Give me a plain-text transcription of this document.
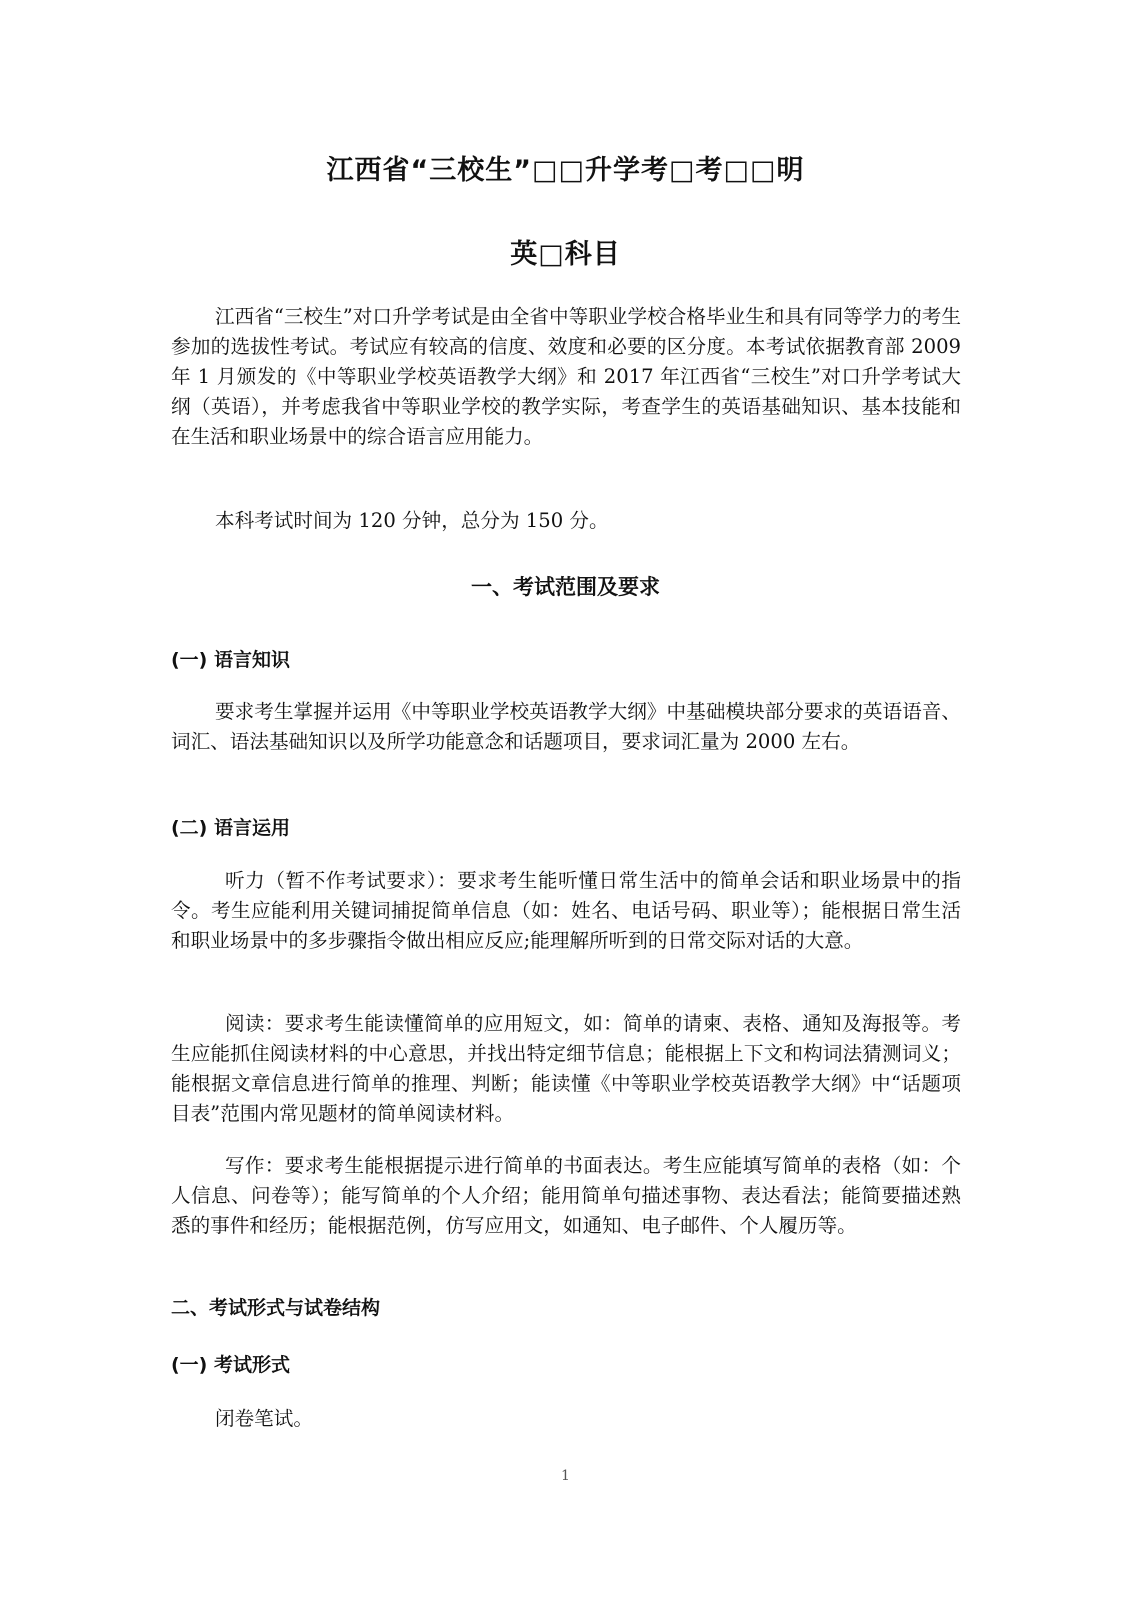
江西省“三校生”□□升学考□考□□明
英□科目

江西省“三校生”对口升学考试是由全省中等职业学校合格毕业生和具有同等学力的考生参加的选拔性考试。考试应有较高的信度、效度和必要的区分度。本考试依据教育部 2009 年 1 月颁发的《中等职业学校英语教学大纲》和 2017 年江西省“三校生”对口升学考试大纲（英语），并考虑我省中等职业学校的教学实际，考查学生的英语基础知识、基本技能和在生活和职业场景中的综合语言应用能力。

本科考试时间为 120 分钟，总分为 150 分。

一、考试范围及要求
(一) 语言知识

要求考生掌握并运用《中等职业学校英语教学大纲》中基础模块部分要求的英语语音、词汇、语法基础知识以及所学功能意念和话题项目，要求词汇量为 2000 左右。

(二) 语言运用

听力（暂不作考试要求）：要求考生能听懂日常生活中的简单会话和职业场景中的指令。考生应能利用关键词捕捉简单信息（如：姓名、电话号码、职业等）；能根据日常生活和职业场景中的多步骤指令做出相应反应;能理解所听到的日常交际对话的大意。

阅读：要求考生能读懂简单的应用短文，如：简单的请柬、表格、通知及海报等。考生应能抓住阅读材料的中心意思，并找出特定细节信息；能根据上下文和构词法猜测词义；能根据文章信息进行简单的推理、判断；能读懂《中等职业学校英语教学大纲》中“话题项目表”范围内常见题材的简单阅读材料。

写作：要求考生能根据提示进行简单的书面表达。考生应能填写简单的表格（如：个人信息、问卷等）；能写简单的个人介绍；能用简单句描述事物、表达看法；能简要描述熟悉的事件和经历；能根据范例，仿写应用文，如通知、电子邮件、个人履历等。

二、考试形式与试卷结构
(一) 考试形式

闭卷笔试。

1
